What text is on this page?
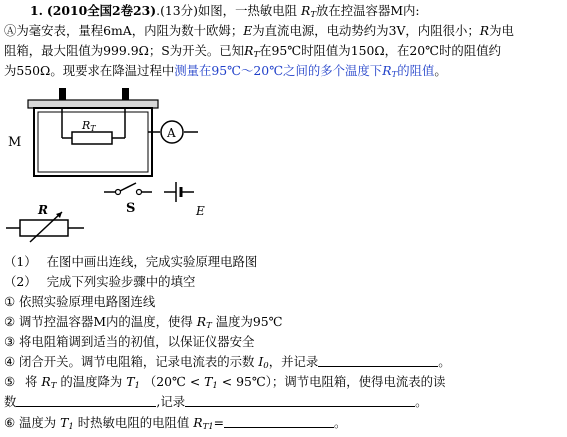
1. (2010全国2卷23).(13分)如图，一热敏电阻 $R_T$放在控温容器M内:
Ⓐ为毫安表，量程6mA，内阻为数十欧姆；E为直流电源，电动势约为3V，内阻很小；R为电
阻箱，最大阻值为999.9Ω；S为开关。已知$R_T$在95℃时阻值为150Ω，在20℃时的阻值约
为550Ω。现要求在降温过程中测量在95℃～20℃之间的多个温度下$R_T$的阻值。
M
RT	A
S	E
R
（1） 在图中画出连线，完成实验原理电路图
（2） 完成下列实验步骤中的填空
① 依照实验原理电路图连线
② 调节控温容器M内的温度，使得 $R_T$ 温度为95℃
③ 将电阻箱调到适当的初值，以保证仪器安全
④ 闭合开关。调节电阻箱，记录电流表的示数 $I_0$，并记录	。
⑤ 将 $R_T$ 的温度降为 $T_1$ （20℃ < $T_1$ < 95℃）；调节电阻箱，使得电流表的读
数	,记录	。
⑥ 温度为 $T_1$ 时热敏电阻的电阻值 $R_{T1}=$	。
